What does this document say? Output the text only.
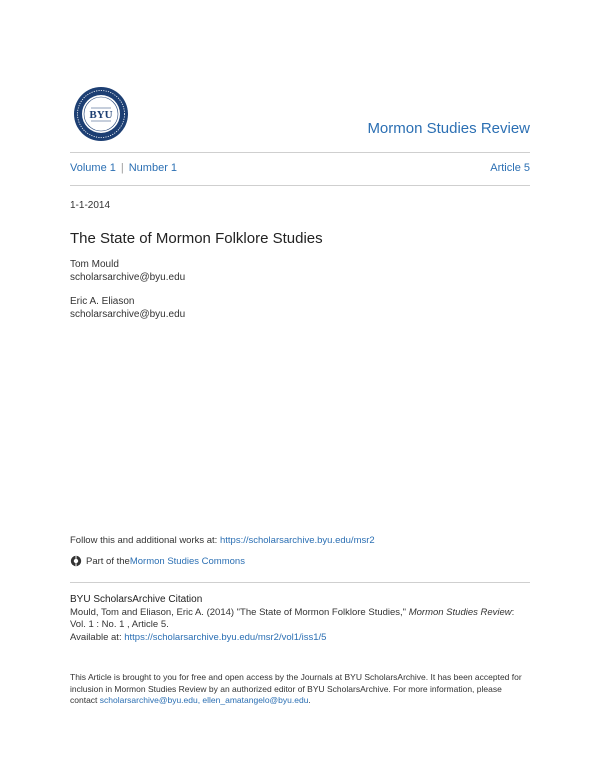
BYU
Mormon Studies Review
Volume 1 | Number 1	Article 5
1-1-2014
The State of Mormon Folklore Studies
Tom Mould
scholarsarchive@byu.edu
Eric A. Eliason
scholarsarchive@byu.edu
Follow this and additional works at: https://scholarsarchive.byu.edu/msr2
Part of the Mormon Studies Commons
BYU ScholarsArchive Citation
Mould, Tom and Eliason, Eric A. (2014) "The State of Mormon Folklore Studies," Mormon Studies Review:
Vol. 1 : No. 1 , Article 5.
Available at: https://scholarsarchive.byu.edu/msr2/vol1/iss1/5
This Article is brought to you for free and open access by the Journals at BYU ScholarsArchive. It has been accepted for inclusion in Mormon Studies Review by an authorized editor of BYU ScholarsArchive. For more information, please contact scholarsarchive@byu.edu, ellen_amatangelo@byu.edu.
